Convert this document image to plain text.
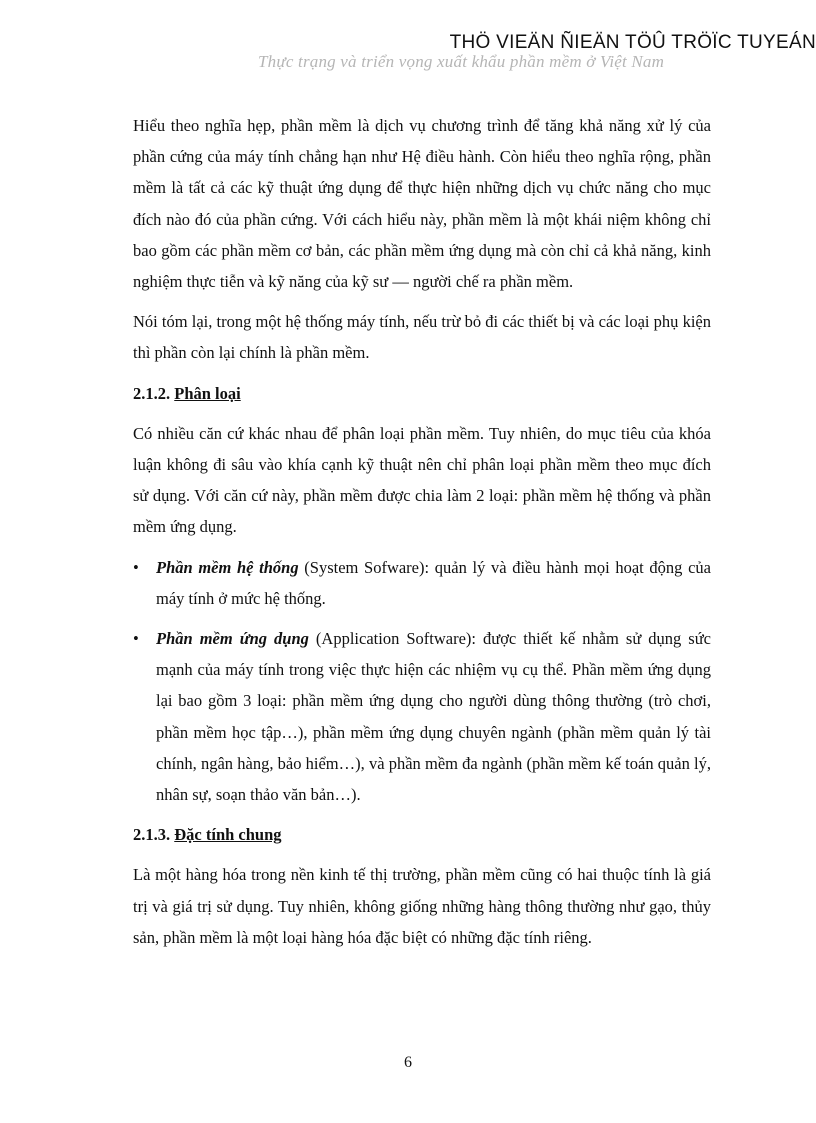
THÖ VIEÄN ÑIEÄN TÖÛ TRÖÏC TUYEÁN
Thực trạng và triển vọng xuất khẩu phần mềm ở Việt Nam

Hiểu theo nghĩa hẹp, phần mềm là dịch vụ chương trình để tăng khả năng xử lý của phần cứng của máy tính chẳng hạn như Hệ điều hành. Còn hiểu theo nghĩa rộng, phần mềm là tất cả các kỹ thuật ứng dụng để thực hiện những dịch vụ chức năng cho mục đích nào đó của phần cứng. Với cách hiểu này, phần mềm là một khái niệm không chỉ bao gồm các phần mềm cơ bản, các phần mềm ứng dụng mà còn chỉ cả khả năng, kinh nghiệm thực tiễn và kỹ năng của kỹ sư — người chế ra phần mềm.

Nói tóm lại, trong một hệ thống máy tính, nếu trừ bỏ đi các thiết bị và các loại phụ kiện thì phần còn lại chính là phần mềm.

2.1.2. Phân loại

Có nhiều căn cứ khác nhau để phân loại phần mềm. Tuy nhiên, do mục tiêu của khóa luận không đi sâu vào khía cạnh kỹ thuật nên chỉ phân loại phần mềm theo mục đích sử dụng. Với căn cứ này, phần mềm được chia làm 2 loại: phần mềm hệ thống và phần mềm ứng dụng.

• Phần mềm hệ thống (System Sofware): quản lý và điều hành mọi hoạt động của máy tính ở mức hệ thống.
• Phần mềm ứng dụng (Application Software): được thiết kế nhằm sử dụng sức mạnh của máy tính trong việc thực hiện các nhiệm vụ cụ thể. Phần mềm ứng dụng lại bao gồm 3 loại: phần mềm ứng dụng cho người dùng thông thường (trò chơi, phần mềm học tập…), phần mềm ứng dụng chuyên ngành (phần mềm quản lý tài chính, ngân hàng, bảo hiểm…), và phần mềm đa ngành (phần mềm kế toán quản lý, nhân sự, soạn thảo văn bản…).
2.1.3. Đặc tính chung

Là một hàng hóa trong nền kinh tế thị trường, phần mềm cũng có hai thuộc tính là giá trị và giá trị sử dụng. Tuy nhiên, không giống những hàng thông thường như gạo, thủy sản, phần mềm là một loại hàng hóa đặc biệt có những đặc tính riêng.

6
